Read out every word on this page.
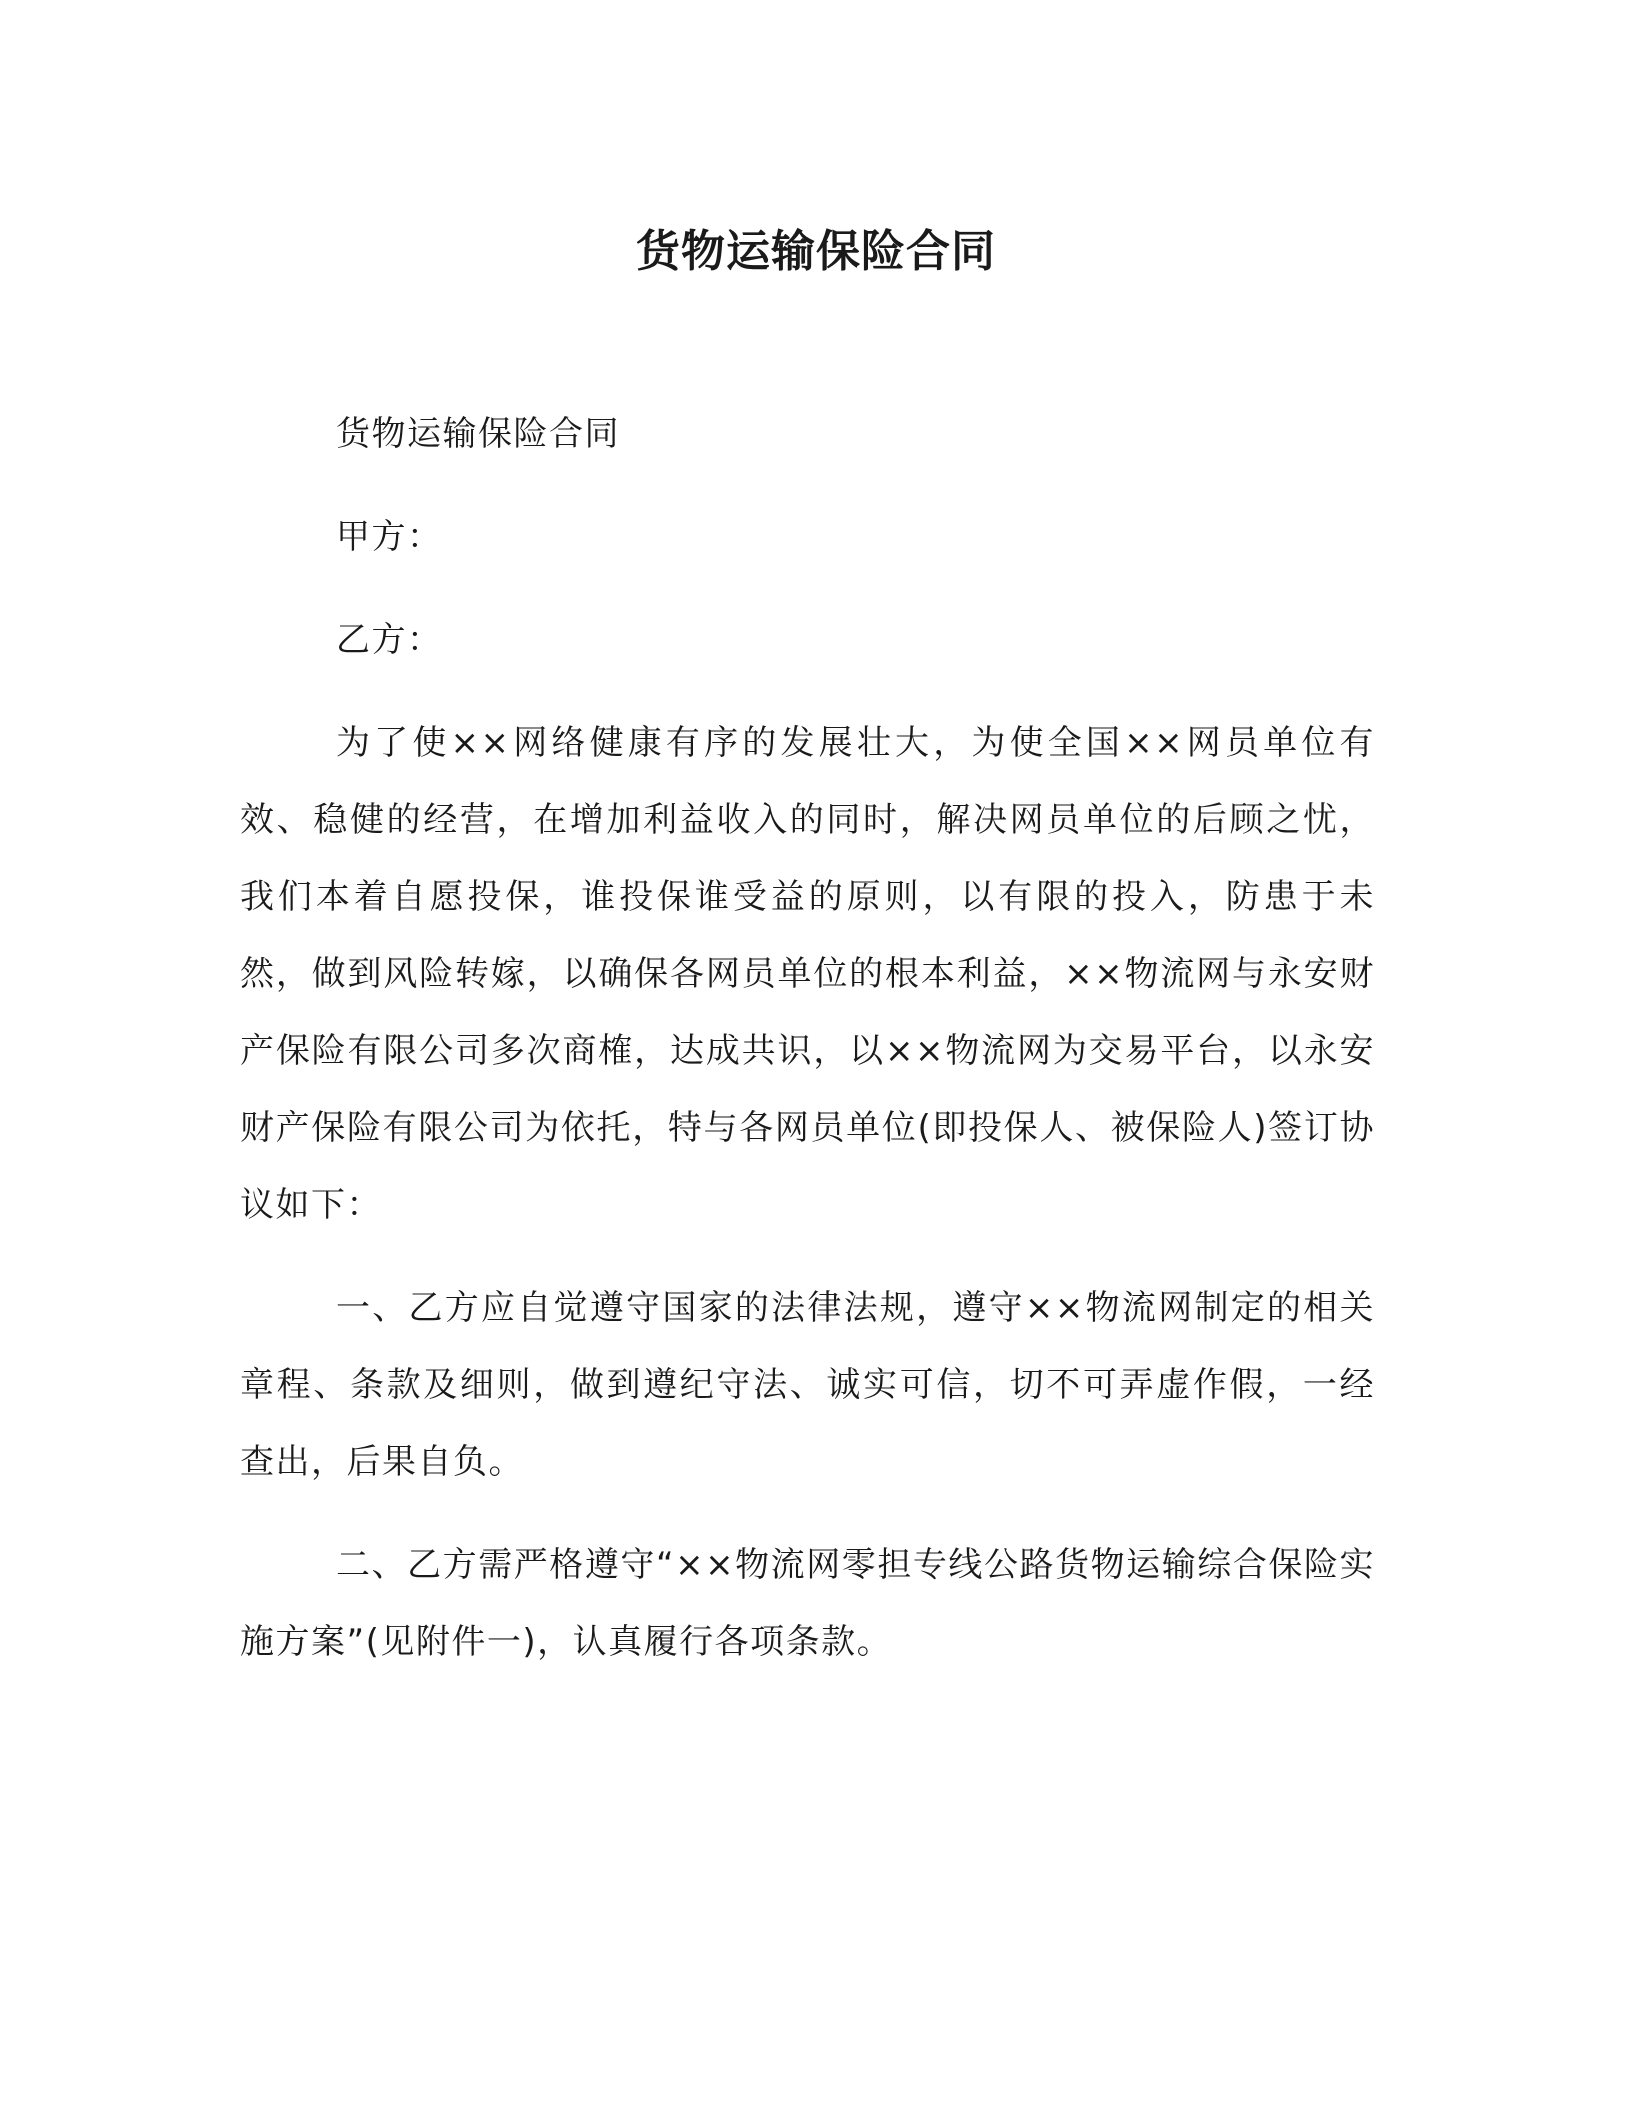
货物运输保险合同

货物运输保险合同

甲方：

乙方：

为了使××网络健康有序的发展壮大，为使全国××网员单位有效、稳健的经营，在增加利益收入的同时，解决网员单位的后顾之忧，我们本着自愿投保，谁投保谁受益的原则，以有限的投入，防患于未然，做到风险转嫁，以确保各网员单位的根本利益，××物流网与永安财产保险有限公司多次商榷，达成共识，以××物流网为交易平台，以永安财产保险有限公司为依托，特与各网员单位(即投保人、被保险人)签订协议如下：

一、乙方应自觉遵守国家的法律法规，遵守××物流网制定的相关章程、条款及细则，做到遵纪守法、诚实可信，切不可弄虚作假，一经查出，后果自负。

二、乙方需严格遵守“××物流网零担专线公路货物运输综合保险实施方案”(见附件一)，认真履行各项条款。
